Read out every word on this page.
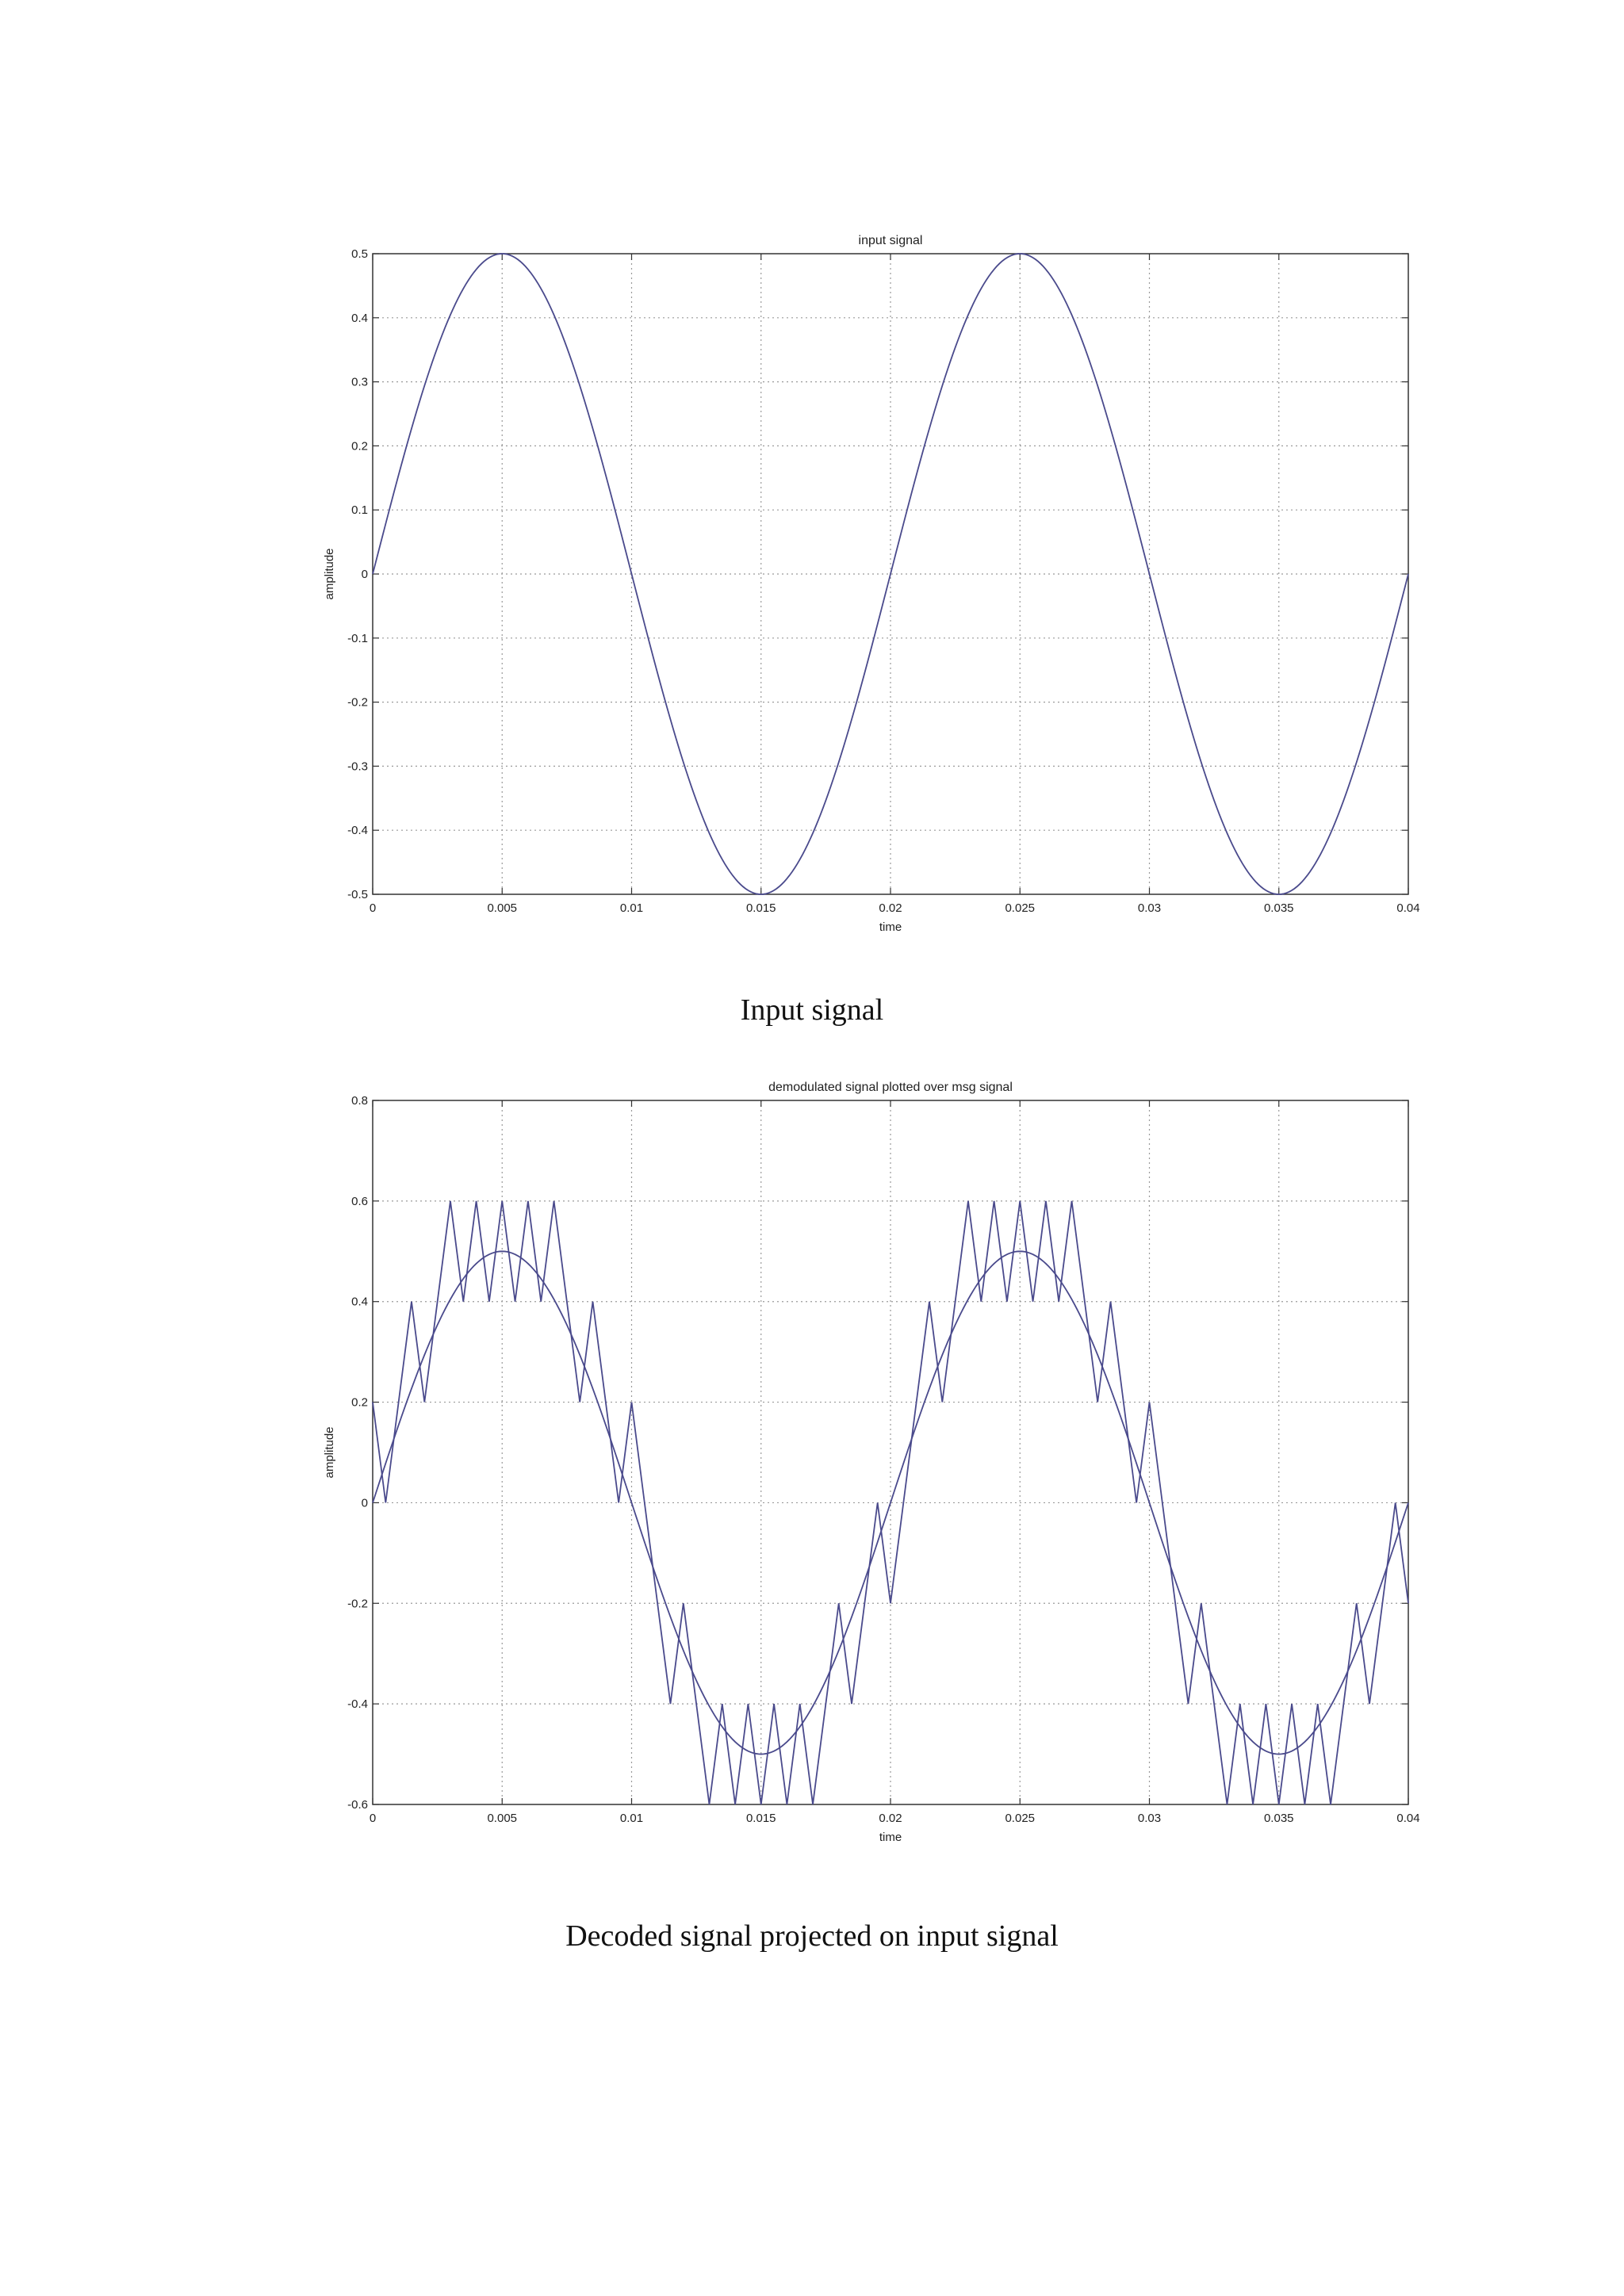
input signal
0	0.005	0.01	0.015	0.02	0.025	0.03	0.035	0.04
0.5
0.4
0.3
0.2
0.1
0
-0.1
-0.2
-0.3
-0.4
-0.5
time
amplitude
Input signal
demodulated signal plotted over msg signal
0	0.005	0.01	0.015	0.02	0.025	0.03	0.035	0.04
0.8
0.6
0.4
0.2
0
-0.2
-0.4
-0.6
time
amplitude
Decoded signal projected on input signal
